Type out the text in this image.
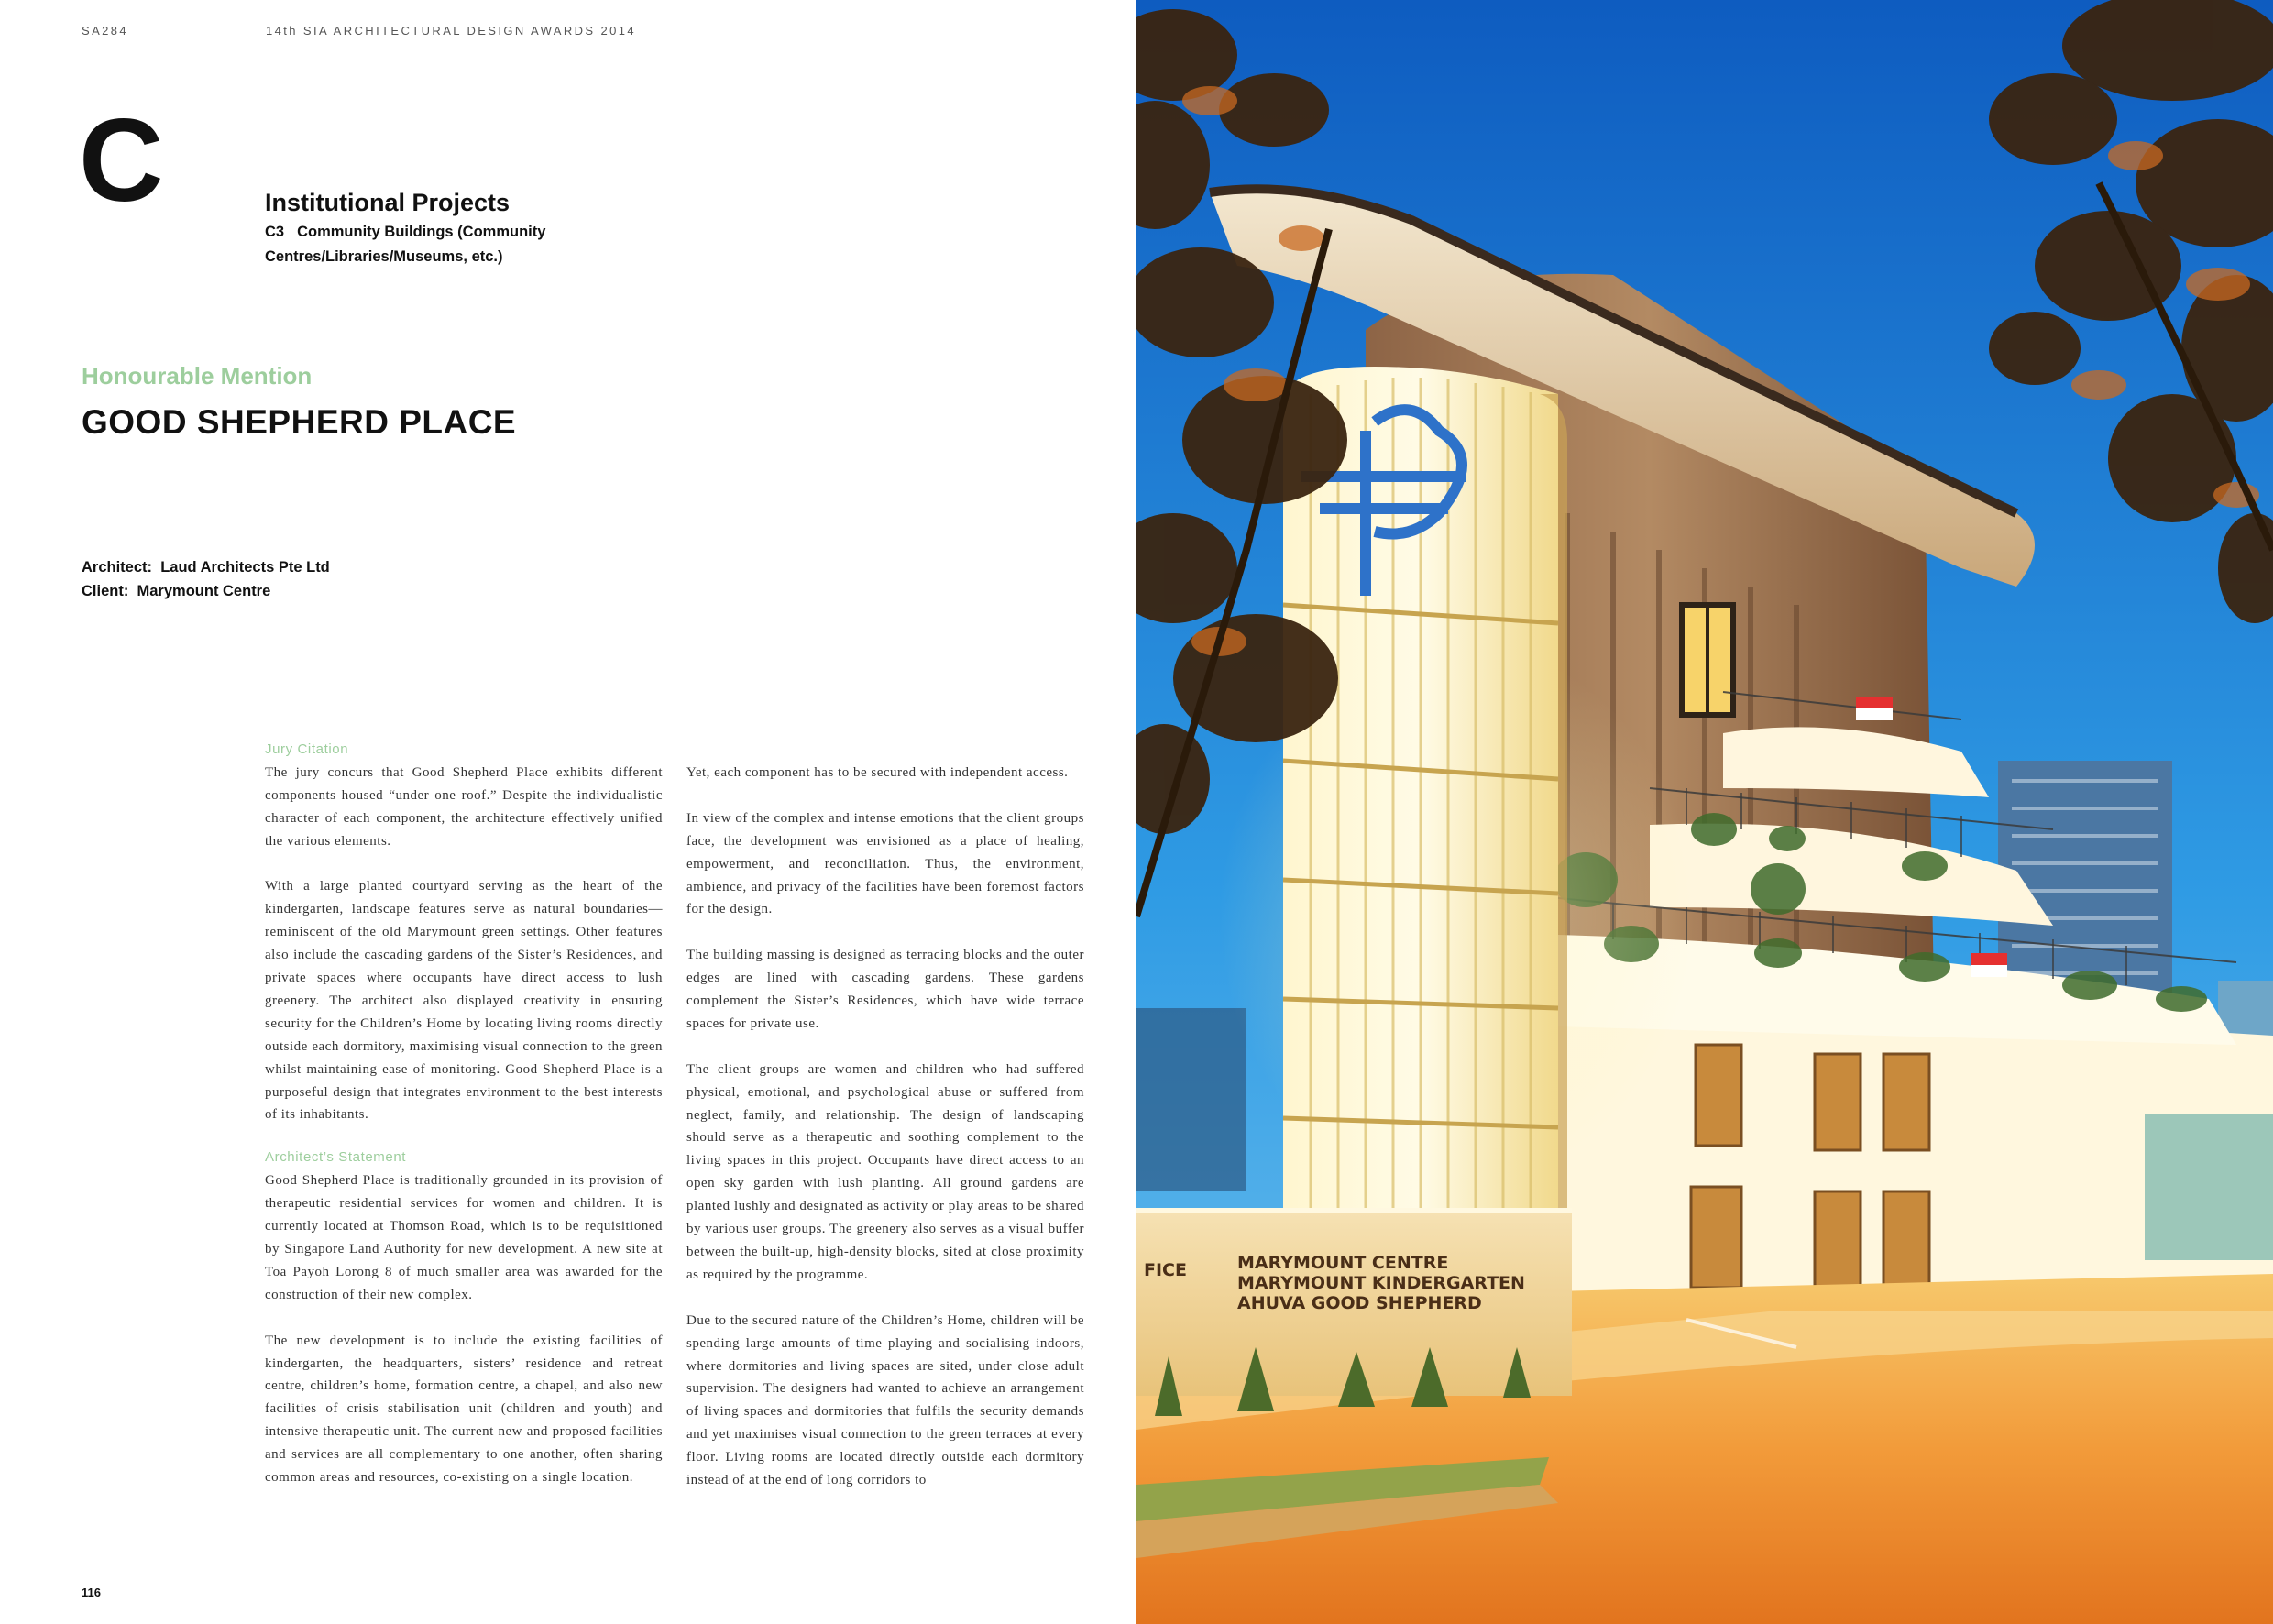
SA284	14th SIA ARCHITECTURAL DESIGN AWARDS 2014
C	Institutional Projects
C3 Community Buildings (Community
Centres/Libraries/Museums, etc.)
Honourable Mention
GOOD SHEPHERD PLACE
Architect: Laud Architects Pte Ltd
Client: Marymount Centre
Jury Citation

The jury concurs that Good Shepherd Place exhibits different components housed “under one roof.” Despite the individualistic character of each component, the architecture effectively unified the various elements.

With a large planted courtyard serving as the heart of the kindergarten, landscape features serve as natural boundaries—reminiscent of the old Marymount green settings. Other features also include the cascading gardens of the Sister’s Residences, and private spaces where occupants have direct access to lush greenery. The architect also displayed creativity in ensuring security for the Children’s Home by locating living rooms directly outside each dormitory, maximising visual connection to the green whilst maintaining ease of monitoring. Good Shepherd Place is a purposeful design that integrates environment to the best interests of its inhabitants.

Architect’s Statement

Good Shepherd Place is traditionally grounded in its provision of therapeutic residential services for women and children. It is currently located at Thomson Road, which is to be requisitioned by Singapore Land Authority for new development. A new site at Toa Payoh Lorong 8 of much smaller area was awarded for the construction of their new complex.

The new development is to include the existing facilities of kindergarten, the headquarters, sisters’ residence and retreat centre, children’s home, formation centre, a chapel, and also new facilities of crisis stabilisation unit (children and youth) and intensive therapeutic unit. The current new and proposed facilities and services are all complementary to one another, often sharing common areas and resources, co-existing on a single location.

Yet, each component has to be secured with independent access.

In view of the complex and intense emotions that the client groups face, the development was envisioned as a place of healing, empowerment, and reconciliation. Thus, the environment, ambience, and privacy of the facilities have been foremost factors for the design.

The building massing is designed as terracing blocks and the outer edges are lined with cascading gardens. These gardens complement the Sister’s Residences, which have wide terrace spaces for private use.

The client groups are women and children who had suffered physical, emotional, and psychological abuse or suffered from neglect, family, and relationship. The design of landscaping should serve as a therapeutic and soothing complement to the living spaces in this project. Occupants have direct access to an open sky garden with lush planting. All ground gardens are planted lushly and designated as activity or play areas to be shared by various user groups. The greenery also serves as a visual buffer between the built-up, high-density blocks, sited at close proximity as required by the programme.

Due to the secured nature of the Children’s Home, children will be spending large amounts of time playing and socialising indoors, where dormitories and living spaces are sited, under close adult supervision. The designers had wanted to achieve an arrangement of living spaces and dormitories that fulfils the security demands and yet maximises visual connection to the green terraces at every floor. Living rooms are located directly outside each dormitory instead of at the end of long corridors to

116
FICE	MARYMOUNT CENTRE
MARYMOUNT KINDERGARTEN
AHUVA GOOD SHEPHERD
